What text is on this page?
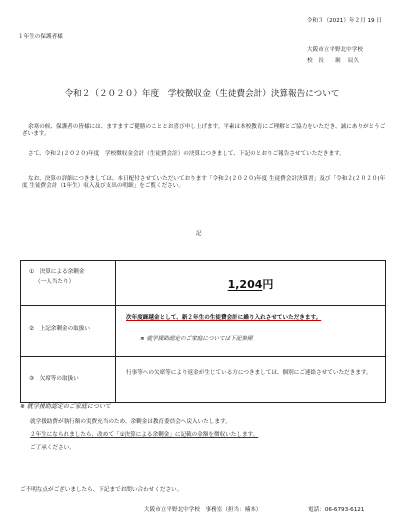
令和３（2021）年２月 19 日
１年生の保護者様
大阪市立平野北中学校
校　長　　堀　 辰久
令和２（２０２０）年度　学校徴収金（生徒費会計）決算報告について
余寒の候、保護者の皆様には、ますますご健勝のこととお喜び申し上げます。平素は本校教育にご理解とご協力をいただき、誠にありがとうございます。
さて、令和２(２０２０)年度　学校徴収金会計（生徒費会計）の決算につきまして、下記のとおりご報告させていただきます。
なお、決算の詳細につきましては、本日配付させていただいております「令和２(２０２０)年度 生徒費会計決算書」及び「令和２(２０２０)年度 生徒費会計（1年生）収入及び支出の明細」をご覧ください。
記
①　決算による余剰金
（一人当たり）	1,204円

②　上記余剰金の取扱い	次年度繰越金として、新２年生の生徒費会計に繰り入れさせていただきます。
※ 就学援助認定のご家庭については下記参照

③　欠席等の取扱い	行事等への欠席等により返金が生じている方につきましては、個別にご連絡させていただきます。
※ 就学援助認定のご家庭について
就学援助費が執行額の実費充当のため、余剰金は教育委員会へ戻入いたします。
２年生になられましたら、改めて「①決算による余剰金」に記載の金額を徴収いたします。
ご了承ください。
ご不明な点がございましたら、下記までお問い合わせください。
大阪市立平野北中学校　事務室（担当：楠本）	電話：06-6793-6121
